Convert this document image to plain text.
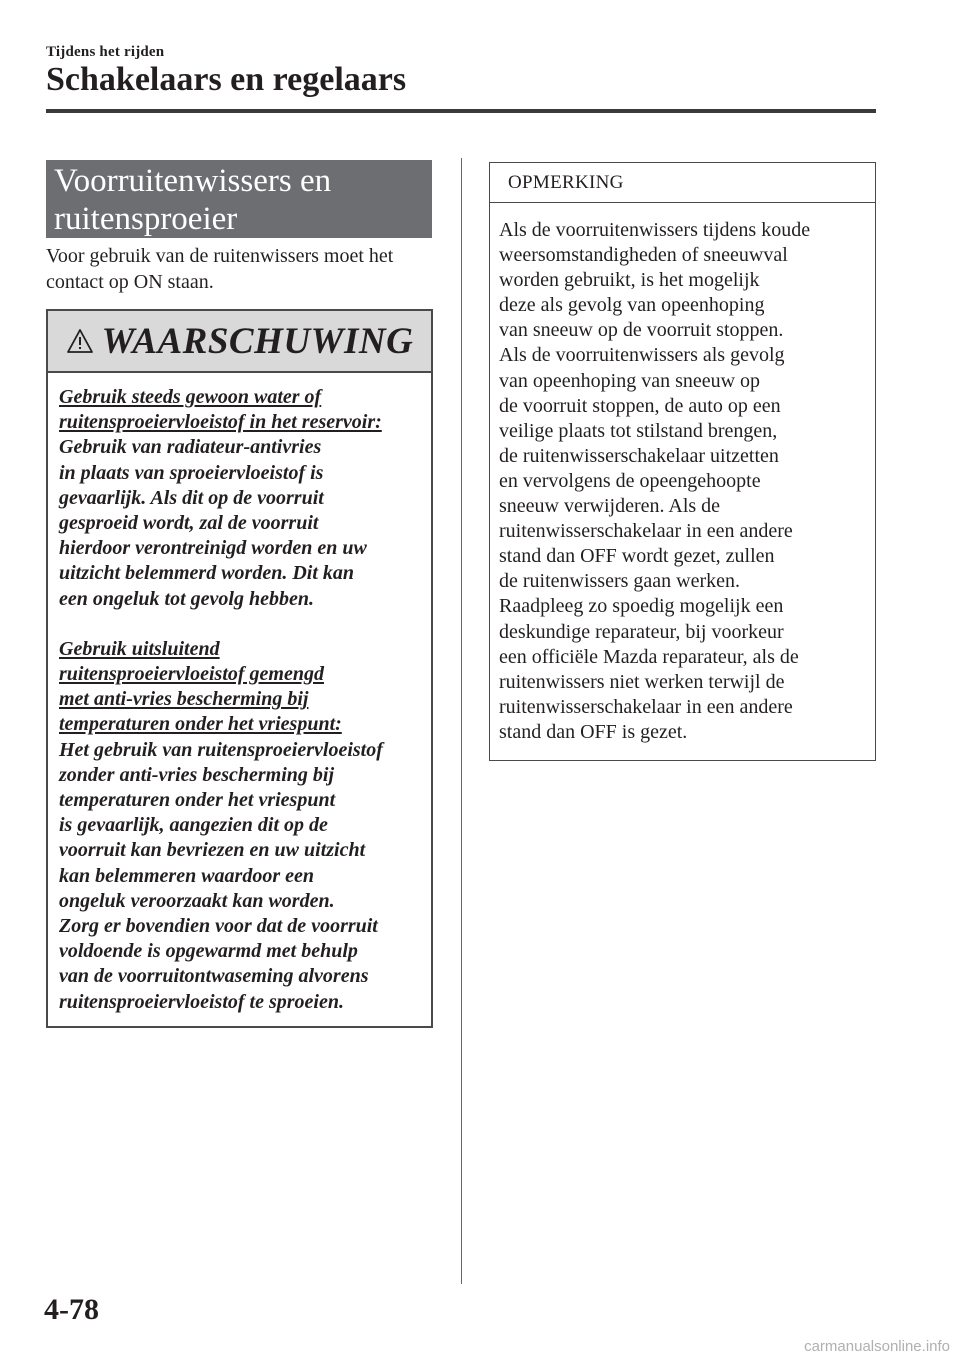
Tijdens het rijden
Schakelaars en regelaars
Voorruitenwissers en
ruitensproeier

Voor gebruik van de ruitenwissers moet het contact op ON staan.

WAARSCHUWING

Gebruik steeds gewoon water of

ruitensproeiervloeistof in het reservoir:

Gebruik van radiateur-antivries

in plaats van sproeiervloeistof is

gevaarlijk. Als dit op de voorruit

gesproeid wordt, zal de voorruit

hierdoor verontreinigd worden en uw

uitzicht belemmerd worden. Dit kan

een ongeluk tot gevolg hebben.

Gebruik uitsluitend

ruitensproeiervloeistof gemengd

met anti-vries bescherming bij

temperaturen onder het vriespunt:

Het gebruik van ruitensproeiervloeistof

zonder anti-vries bescherming bij

temperaturen onder het vriespunt

is gevaarlijk, aangezien dit op de

voorruit kan bevriezen en uw uitzicht

kan belemmeren waardoor een

ongeluk veroorzaakt kan worden.

Zorg er bovendien voor dat de voorruit

voldoende is opgewarmd met behulp

van de voorruitontwaseming alvorens

ruitensproeiervloeistof te sproeien.

OPMERKING
Als de voorruitenwissers tijdens koude
weersomstandigheden of sneeuwval
worden gebruikt, is het mogelijk
deze als gevolg van opeenhoping
van sneeuw op de voorruit stoppen.
Als de voorruitenwissers als gevolg
van opeenhoping van sneeuw op
de voorruit stoppen, de auto op een
veilige plaats tot stilstand brengen,
de ruitenwisserschakelaar uitzetten
en vervolgens de opeengehoopte
sneeuw verwijderen. Als de
ruitenwisserschakelaar in een andere
stand dan OFF wordt gezet, zullen
de ruitenwissers gaan werken.
Raadpleeg zo spoedig mogelijk een
deskundige reparateur, bij voorkeur
een officiële Mazda reparateur, als de
ruitenwissers niet werken terwijl de
ruitenwisserschakelaar in een andere
stand dan OFF is gezet.
4-78
carmanualsonline.info
